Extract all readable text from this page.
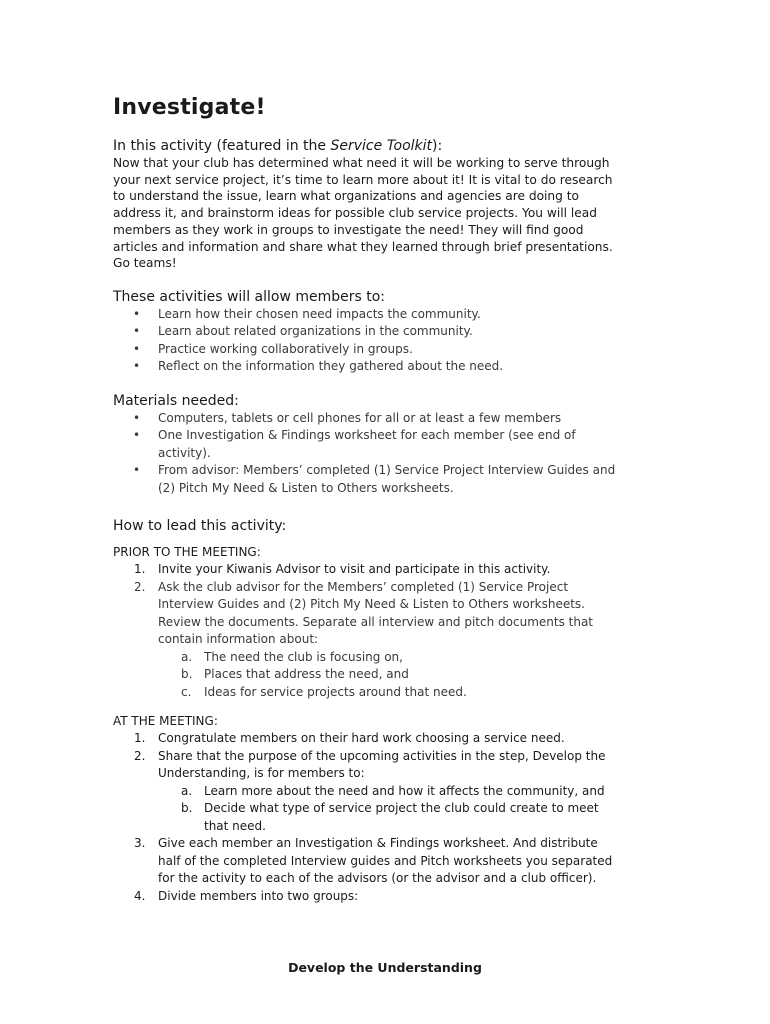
Investigate!
In this activity (featured in the Service Toolkit):

Now that your club has determined what need it will be working to serve through your next service project, it’s time to learn more about it! It is vital to do research to understand the issue, learn what organizations and agencies are doing to address it, and brainstorm ideas for possible club service projects. You will lead members as they work in groups to investigate the need! They will find good articles and information and share what they learned through brief presentations. Go teams!

These activities will allow members to:
• Learn how their chosen need impacts the community.
• Learn about related organizations in the community.
• Practice working collaboratively in groups.
• Reflect on the information they gathered about the need.
Materials needed:
• Computers, tablets or cell phones for all or at least a few members
• One Investigation & Findings worksheet for each member (see end of activity).
• From advisor: Members’ completed (1) Service Project Interview Guides and (2) Pitch My Need & Listen to Others worksheets.
How to lead this activity:
PRIOR TO THE MEETING:
1. Invite your Kiwanis Advisor to visit and participate in this activity.
2. Ask the club advisor for the Members’ completed (1) Service Project Interview Guides and (2) Pitch My Need & Listen to Others worksheets. Review the documents. Separate all interview and pitch documents that contain information about:
a. The need the club is focusing on,
b. Places that address the need, and
c. Ideas for service projects around that need.
AT THE MEETING:
1. Congratulate members on their hard work choosing a service need.
2. Share that the purpose of the upcoming activities in the step, Develop the Understanding, is for members to:
a. Learn more about the need and how it affects the community, and
b. Decide what type of service project the club could create to meet that need.
3. Give each member an Investigation & Findings worksheet. And distribute half of the completed Interview guides and Pitch worksheets you separated for the activity to each of the advisors (or the advisor and a club officer).
4. Divide members into two groups:
Develop the Understanding
